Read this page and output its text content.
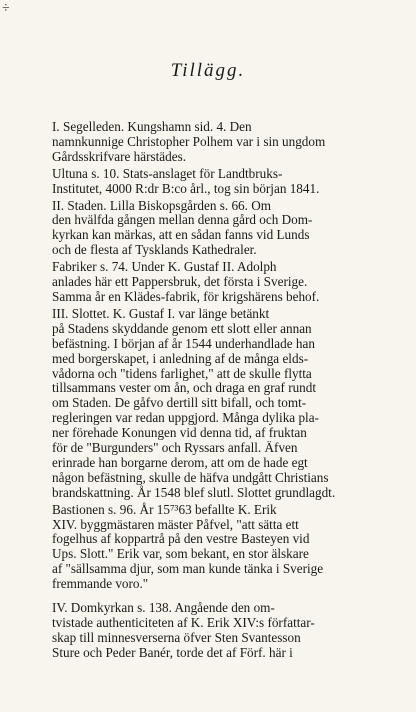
÷
Tillägg.
I. Segelleden. Kungshamn sid. 4. Den
namnkunnige Christopher Polhem var i sin ungdom
Gårdsskrifvare härstädes.
Ultuna s. 10. Stats-anslaget för Landtbruks-
Institutet, 4000 R:dr B:co årl., tog sin början 1841.
II. Staden. Lilla Biskopsgården s. 66. Om
den hvälfda gången mellan denna gård och Dom-
kyrkan kan märkas, att en sådan fanns vid Lunds
och de flesta af Tysklands Kathedraler.
Fabriker s. 74. Under K. Gustaf II. Adolph
anlades här ett Pappersbruk, det första i Sverige.
Samma år en Klädes-fabrik, för krigshärens behof.
III. Slottet. K. Gustaf I. var länge betänkt
på Stadens skyddande genom ett slott eller annan
befästning. I början af år 1544 underhandlade han
med borgerskapet, i anledning af de många elds-
vådorna och "tidens farlighet," att de skulle flytta
tillsammans vester om ån, och draga en graf rundt
om Staden. De gåfvo dertill sitt bifall, och tomt-
regleringen var redan uppgjord. Många dylika pla-
ner förehade Konungen vid denna tid, af fruktan
för de "Burgunders" och Ryssars anfall. Äfven
erinrade han borgarne derom, att om de hade egt
någon befästning, skulle de häfva undgått Christians
brandskattning. År 1548 blef slutl. Slottet grundlagdt.
Bastionen s. 96. År 15⁷³63 befallte K. Erik
XIV. byggmästaren mäster Påfvel, "att sätta ett
fogelhus af koppartrå på den vestre Basteyen vid
Ups. Slott." Erik var, som bekant, en stor älskare
af "sällsamma djur, som man kunde tänka i Sverige
fremmande voro."
IV. Domkyrkan s. 138. Angående den om-
tvistade authenticiteten af K. Erik XIV:s författar-
skap till minnesverserna öfver Sten Svantesson
Sture och Peder Banér, torde det af Förf. här i
